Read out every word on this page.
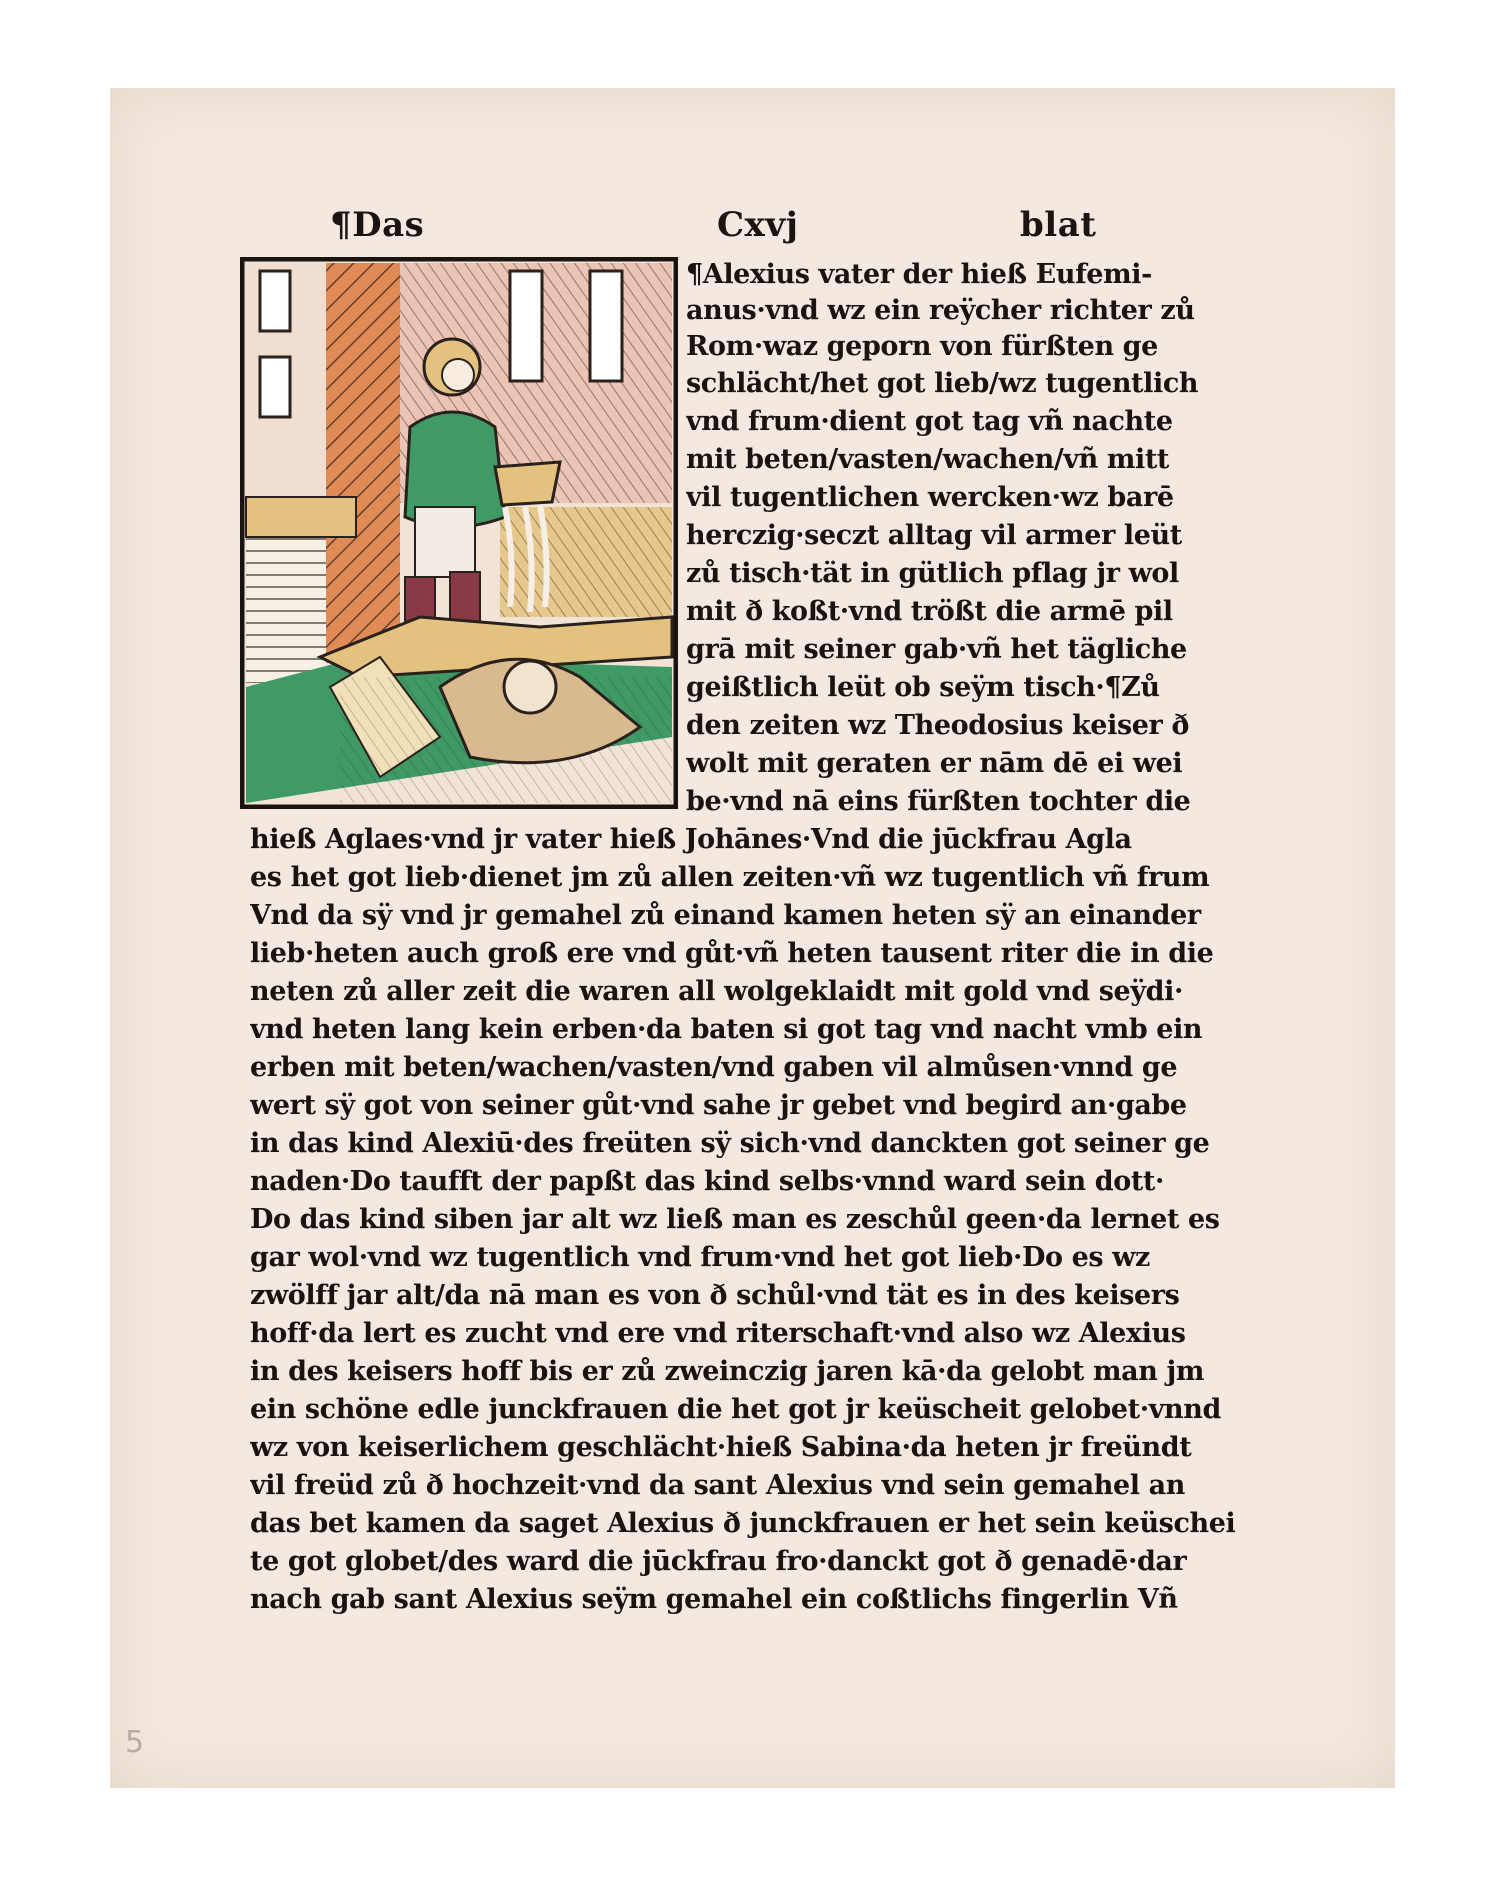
¶Das	Cxvj	blat
¶Alexius vater der hieß Eufemi-
anus·vnd wz ein reÿcher richter zů
Rom·waz geporn von fürßten ge
schlächt/het got lieb/wz tugentlich
vnd frum·dient got tag vñ nachte
mit beten/vasten/wachen/vñ mitt
vil tugentlichen wercken·wz barē
herczig·seczt alltag vil armer leüt
zů tisch·tät in gütlich pflag jr wol
mit ð koßt·vnd trößt die armē pil
grā mit seiner gab·vñ het tägliche
geißtlich leüt ob seÿm tisch·¶Zů
den zeiten wz Theodosius keiser ð
wolt mit geraten er nām dē ei wei
be·vnd nā eins fürßten tochter die
hieß Aglaes·vnd jr vater hieß Johānes·Vnd die jūckfrau Agla
es het got lieb·dienet jm zů allen zeiten·vñ wz tugentlich vñ frum
Vnd da sÿ vnd jr gemahel zů einand kamen heten sÿ an einander
lieb·heten auch groß ere vnd gůt·vñ heten tausent riter die in die
neten zů aller zeit die waren all wolgeklaidt mit gold vnd seÿdi·
vnd heten lang kein erben·da baten si got tag vnd nacht vmb ein
erben mit beten/wachen/vasten/vnd gaben vil almůsen·vnnd ge
wert sÿ got von seiner gůt·vnd sahe jr gebet vnd begird an·gabe
in das kind Alexiū·des freüten sÿ sich·vnd danckten got seiner ge
naden·Do taufft der papßt das kind selbs·vnnd ward sein dott·
Do das kind siben jar alt wz ließ man es zeschůl geen·da lernet es
gar wol·vnd wz tugentlich vnd frum·vnd het got lieb·Do es wz
zwölff jar alt/da nā man es von ð schůl·vnd tät es in des keisers
hoff·da lert es zucht vnd ere vnd riterschaft·vnd also wz Alexius
in des keisers hoff bis er zů zweinczig jaren kā·da gelobt man jm
ein schöne edle junckfrauen die het got jr keüscheit gelobet·vnnd
wz von keiserlichem geschlächt·hieß Sabina·da heten jr freündt
vil freüd zů ð hochzeit·vnd da sant Alexius vnd sein gemahel an
das bet kamen da saget Alexius ð junckfrauen er het sein keüschei
te got globet/des ward die jūckfrau fro·danckt got ð genadē·dar
nach gab sant Alexius seÿm gemahel ein coßtlichs fingerlin Vñ
5
